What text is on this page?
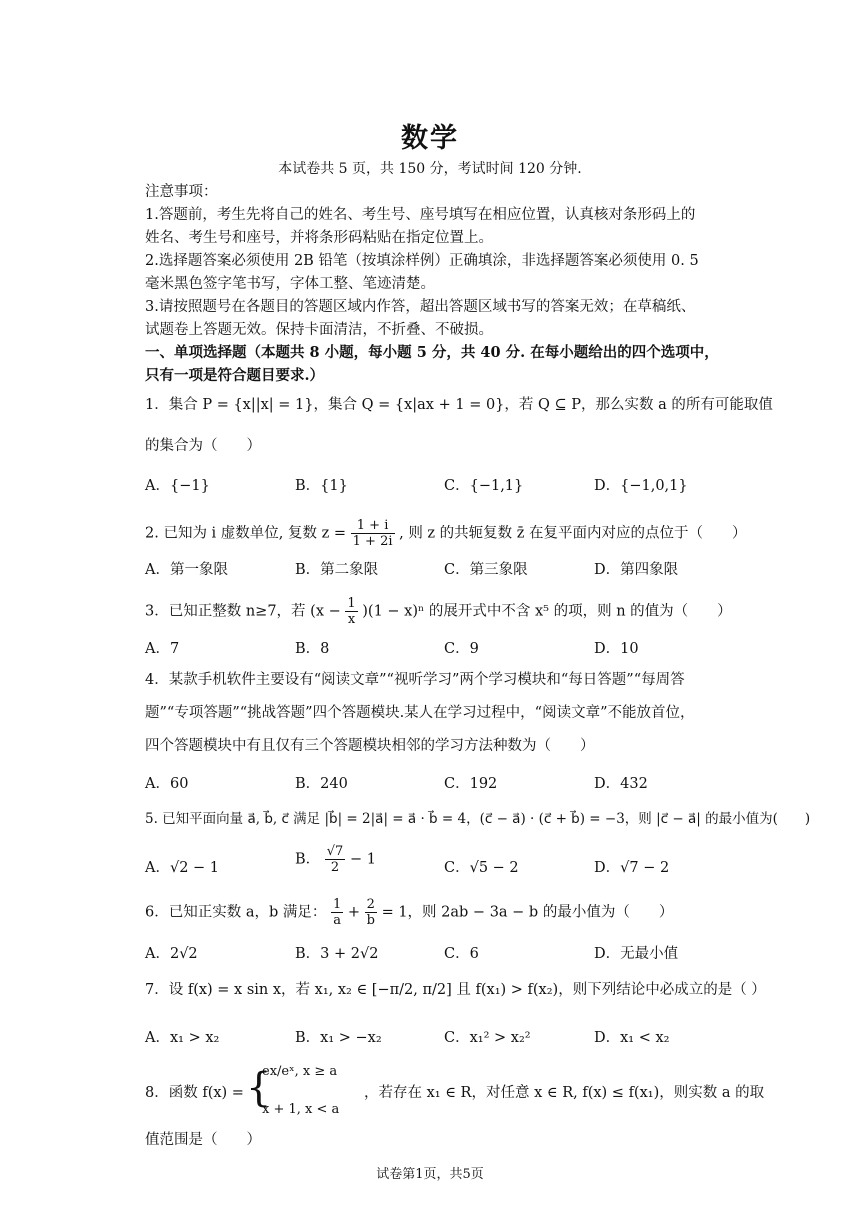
数学
本试卷共 5 页，共 150 分，考试时间 120 分钟.
注意事项：
1.答题前，考生先将自己的姓名、考生号、座号填写在相应位置，认真核对条形码上的
姓名、考生号和座号，并将条形码粘贴在指定位置上。
2.选择题答案必须使用 2B 铅笔（按填涂样例）正确填涂，非选择题答案必须使用 0. 5
毫米黑色签字笔书写，字体工整、笔迹清楚。
3.请按照题号在各题目的答题区域内作答，超出答题区域书写的答案无效；在草稿纸、
试题卷上答题无效。保持卡面清洁，不折叠、不破损。
一、单项选择题（本题共 8 小题，每小题 5 分，共 40 分. 在每小题给出的四个选项中，
只有一项是符合题目要求.）
1．集合 P = {x||x| = 1}，集合 Q = {x|ax + 1 = 0}，若 Q ⊆ P，那么实数 a 的所有可能取值
的集合为（　　）
A．{−1}	B．{1}	C．{−1,1}	D．{−1,0,1}
2. 已知为 i 虚数单位, 复数 $z = \frac{1 + i}{1 + 2i}$ , 则 z 的共轭复数 z̄ 在复平面内对应的点位于（　　）
A．第一象限	B．第二象限	C．第三象限	D．第四象限
3．已知正整数 n≥7，若 $(x - \frac{1}{x} )(1 - x)^n$ 的展开式中不含 x⁵ 的项，则 n 的值为（　　）
A．7	B．8	C．9	D．10
4．某款手机软件主要设有“阅读文章”“视听学习”两个学习模块和“每日答题”“每周答
题”“专项答题”“挑战答题”四个答题模块.某人在学习过程中，“阅读文章”不能放首位，
四个答题模块中有且仅有三个答题模块相邻的学习方法种数为（　　）
A．60	B．240	C．192	D．432
5. 已知平面向量 a⃗, b⃗, c⃗ 满足 |b⃗| = 2|a⃗| = a⃗ · b⃗ = 4，(c⃗ − a⃗) · (c⃗ + b⃗) = −3，则 |c⃗ − a⃗| 的最小值为(　　)
A．√2 − 1
B． $\frac{√7}{2} - 1$
C．√5 − 2	D．√7 − 2
6．已知正实数 a，b 满足： $\frac{1}{a} + \frac{2}{b} = 1$，则 2ab − 3a − b 的最小值为（　　）
A．2√2	B．3 + 2√2	C．6	D．无最小值
7．设 f(x) = x sin x，若 x₁, x₂ ∈ [−π/2, π/2] 且 f(x₁) > f(x₂)，则下列结论中必成立的是（ ）
A．x₁ > x₂	B．x₁ > −x₂	C．x₁² > x₂²	D．x₁ < x₂
8．函数 f(x) = {
ex/eˣ, x ≥ a
x + 1, x < a
，若存在 x₁ ∈ R，对任意 x ∈ R, f(x) ≤ f(x₁)，则实数 a 的取
值范围是（　　）
试卷第1页，共5页
